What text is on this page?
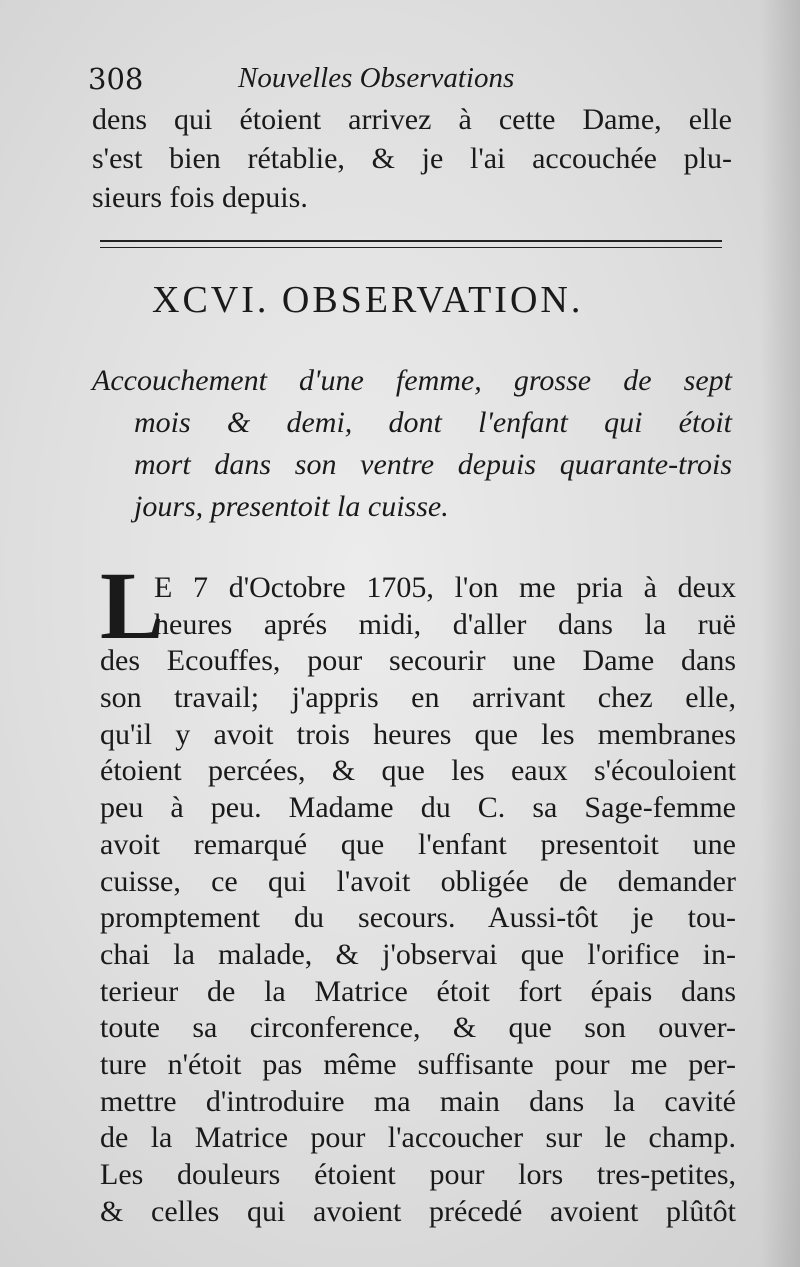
308	Nouvelles Observations
dens qui étoient arrivez à cette Dame, elle
s'est bien rétablie, & je l'ai accouchée plu-
sieurs fois depuis.
XCVI. OBSERVATION.
Accouchement d'une femme, grosse de sept
mois & demi, dont l'enfant qui étoit
mort dans son ventre depuis quarante-trois
jours, presentoit la cuisse.
L
E 7 d'Octobre 1705, l'on me pria à deux
heures aprés midi, d'aller dans la ruë
des Ecouffes, pour secourir une Dame dans
son travail; j'appris en arrivant chez elle,
qu'il y avoit trois heures que les membranes
étoient percées, & que les eaux s'écouloient
peu à peu. Madame du C. sa Sage-femme
avoit remarqué que l'enfant presentoit une
cuisse, ce qui l'avoit obligée de demander
promptement du secours. Aussi-tôt je tou-
chai la malade, & j'observai que l'orifice in-
terieur de la Matrice étoit fort épais dans
toute sa circonference, & que son ouver-
ture n'étoit pas même suffisante pour me per-
mettre d'introduire ma main dans la cavité
de la Matrice pour l'accoucher sur le champ.
Les douleurs étoient pour lors tres-petites,
& celles qui avoient précedé avoient plûtôt
